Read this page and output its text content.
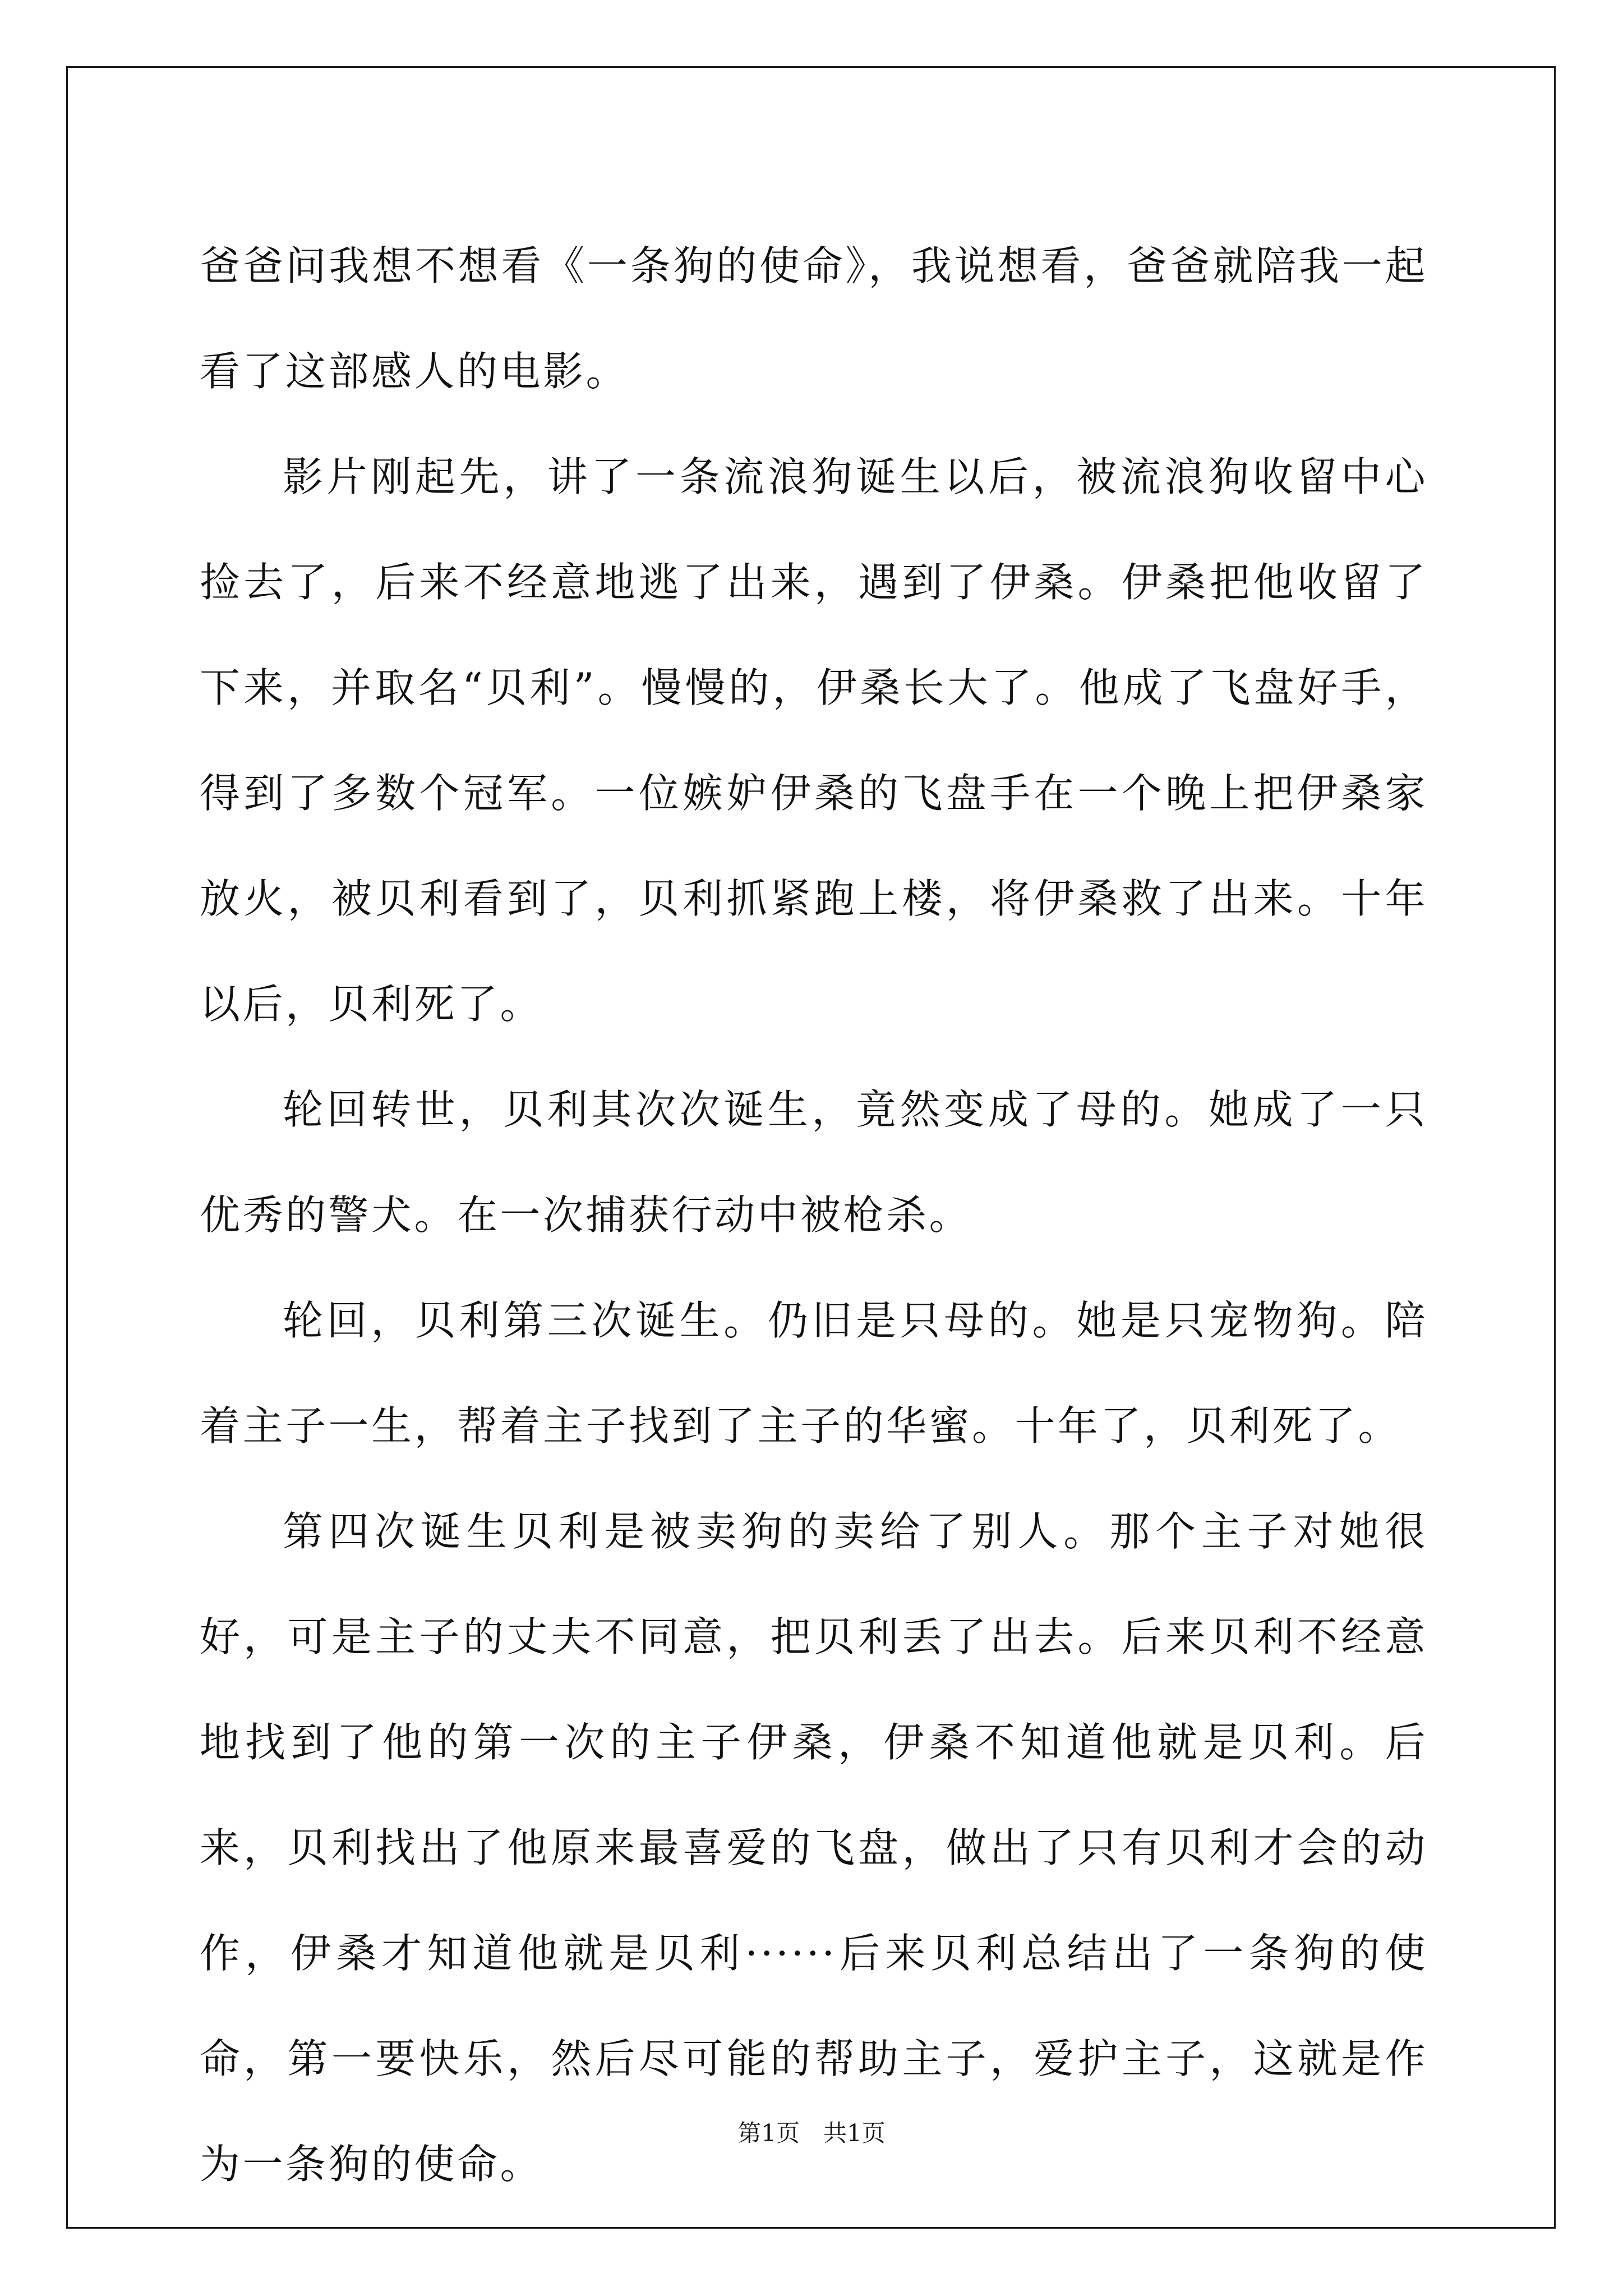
爸爸问我想不想看《一条狗的使命》，我说想看，爸爸就陪我一起看了这部感人的电影。

影片刚起先，讲了一条流浪狗诞生以后，被流浪狗收留中心捡去了，后来不经意地逃了出来，遇到了伊桑。伊桑把他收留了下来，并取名“贝利”。慢慢的，伊桑长大了。他成了飞盘好手，得到了多数个冠军。一位嫉妒伊桑的飞盘手在一个晚上把伊桑家放火，被贝利看到了，贝利抓紧跑上楼，将伊桑救了出来。十年以后，贝利死了。

轮回转世，贝利其次次诞生，竟然变成了母的。她成了一只优秀的警犬。在一次捕获行动中被枪杀。

轮回，贝利第三次诞生。仍旧是只母的。她是只宠物狗。陪着主子一生，帮着主子找到了主子的华蜜。十年了，贝利死了。

第四次诞生贝利是被卖狗的卖给了别人。那个主子对她很好，可是主子的丈夫不同意，把贝利丢了出去。后来贝利不经意地找到了他的第一次的主子伊桑，伊桑不知道他就是贝利。后来，贝利找出了他原来最喜爱的飞盘，做出了只有贝利才会的动作，伊桑才知道他就是贝利······后来贝利总结出了一条狗的使命，第一要快乐，然后尽可能的帮助主子，爱护主子，这就是作为一条狗的使命。

第1页　共1页
